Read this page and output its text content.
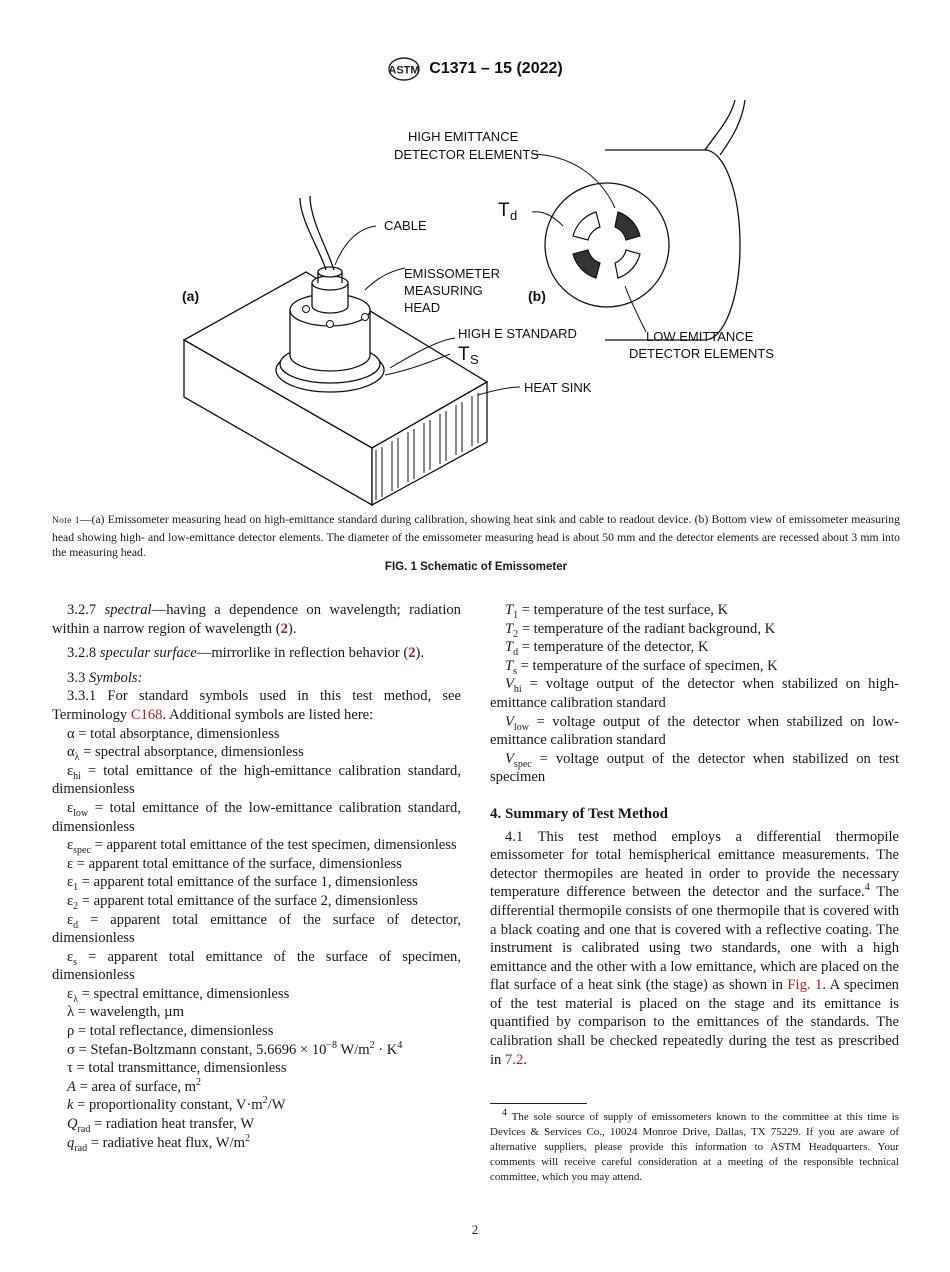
ASTM C1371 – 15 (2022)
(a)	(b)
HIGH EMITTANCE
DETECTOR ELEMENTS
T d
CABLE
EMISSOMETER
MEASURING
HEAD
HIGH E STANDARD
T S
HEAT SINK
LOW EMITTANCE
DETECTOR ELEMENTS
Note 1—(a) Emissometer measuring head on high-emittance standard during calibration, showing heat sink and cable to readout device. (b) Bottom view of emissometer measuring head showing high- and low-emittance detector elements. The diameter of the emissometer measuring head is about 50 mm and the detector elements are recessed about 3 mm into the measuring head.
FIG. 1 Schematic of Emissometer

3.2.7 spectral—having a dependence on wavelength; radiation within a narrow region of wavelength (2).

3.2.8 specular surface—mirrorlike in reflection behavior (2).

3.3 Symbols:

3.3.1 For standard symbols used in this test method, see Terminology C168. Additional symbols are listed here:

α = total absorptance, dimensionless

$\alpha_\lambda$ = spectral absorptance, dimensionless

$\varepsilon_{hi}$ = total emittance of the high-emittance calibration standard, dimensionless

$\varepsilon_{low}$ = total emittance of the low-emittance calibration standard, dimensionless

$\varepsilon_{spec}$ = apparent total emittance of the test specimen, dimensionless

ε = apparent total emittance of the surface, dimensionless

$\varepsilon_1$ = apparent total emittance of the surface 1, dimensionless

$\varepsilon_2$ = apparent total emittance of the surface 2, dimensionless

$\varepsilon_d$ = apparent total emittance of the surface of detector, dimensionless

$\varepsilon_s$ = apparent total emittance of the surface of specimen, dimensionless

$\varepsilon_\lambda$ = spectral emittance, dimensionless

λ = wavelength, µm

ρ = total reflectance, dimensionless

σ = Stefan-Boltzmann constant, $5.6696 \times 10^{-8}$ $W/m^2 \cdot K^4$

τ = total transmittance, dimensionless

A = area of surface, $m^2$

k = proportionality constant, $V\cdot m^2/W$

$Q_{rad}$ = radiation heat transfer, W

$q_{rad}$ = radiative heat flux, $W/m^2$

$T_1$ = temperature of the test surface, K

$T_2$ = temperature of the radiant background, K

$T_d$ = temperature of the detector, K

$T_s$ = temperature of the surface of specimen, K

$V_{hi}$ = voltage output of the detector when stabilized on high-emittance calibration standard

$V_{low}$ = voltage output of the detector when stabilized on low-emittance calibration standard

$V_{spec}$ = voltage output of the detector when stabilized on test specimen

4. Summary of Test Method

4.1 This test method employs a differential thermopile emissometer for total hemispherical emittance measurements. The detector thermopiles are heated in order to provide the necessary temperature difference between the detector and the surface.$^4$ The differential thermopile consists of one thermopile that is covered with a black coating and one that is covered with a reflective coating. The instrument is calibrated using two standards, one with a high emittance and the other with a low emittance, which are placed on the flat surface of a heat sink (the stage) as shown in Fig. 1. A specimen of the test material is placed on the stage and its emittance is quantified by comparison to the emittances of the standards. The calibration shall be checked repeatedly during the test as prescribed in 7.2.

$^4$ The sole source of supply of emissometers known to the committee at this time is Devices & Services Co., 10024 Monroe Drive, Dallas, TX 75229. If you are aware of alternative suppliers, please provide this information to ASTM Headquarters. Your comments will receive careful consideration at a meeting of the responsible technical committee, which you may attend.

2
